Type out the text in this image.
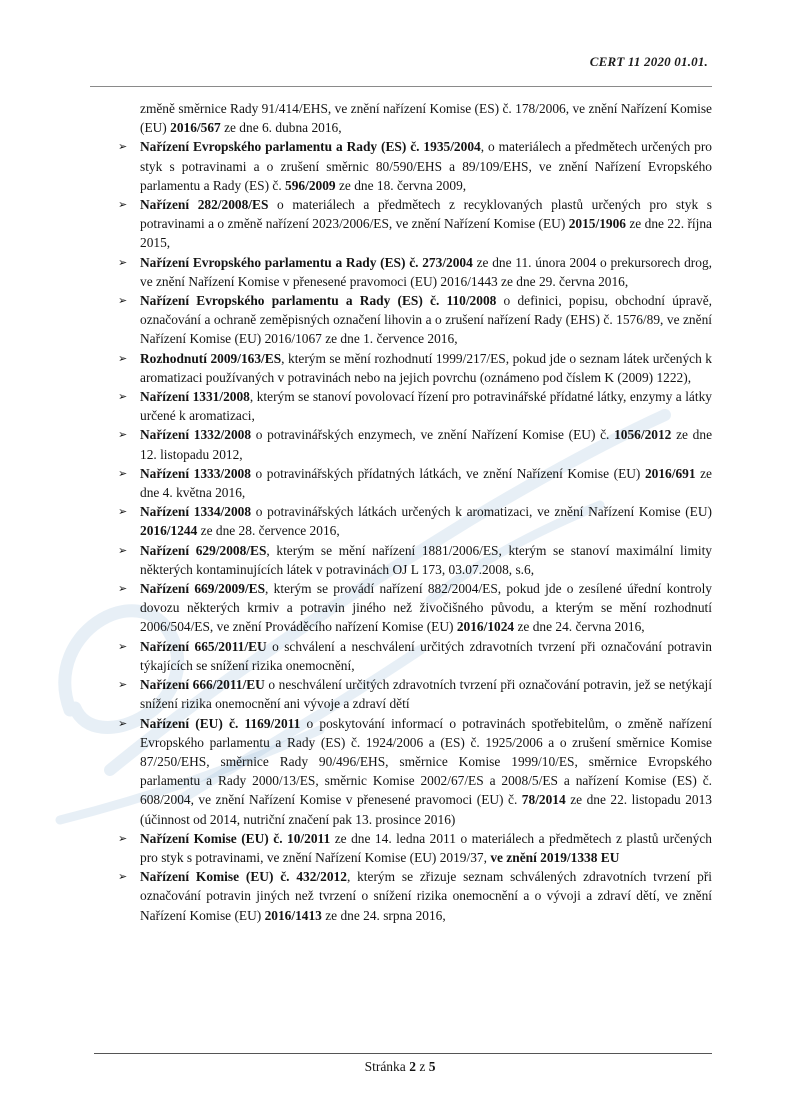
CERT 11 2020 01.01.
změně směrnice Rady 91/414/EHS, ve znění nařízení Komise (ES) č. 178/2006, ve znění Nařízení Komise (EU) 2016/567 ze dne 6. dubna 2016,
➢ Nařízení Evropského parlamentu a Rady (ES) č. 1935/2004, o materiálech a předmětech určených pro styk s potravinami a o zrušení směrnic 80/590/EHS a 89/109/EHS, ve znění Nařízení Evropského parlamentu a Rady (ES) č. 596/2009 ze dne 18. června 2009,
➢ Nařízení 282/2008/ES o materiálech a předmětech z recyklovaných plastů určených pro styk s potravinami a o změně nařízení 2023/2006/ES, ve znění Nařízení Komise (EU) 2015/1906 ze dne 22. října 2015,
➢ Nařízení Evropského parlamentu a Rady (ES) č. 273/2004 ze dne 11. února 2004 o prekursorech drog, ve znění Nařízení Komise v přenesené pravomoci (EU) 2016/1443 ze dne 29. června 2016,
➢ Nařízení Evropského parlamentu a Rady (ES) č. 110/2008 o definici, popisu, obchodní úpravě, označování a ochraně zeměpisných označení lihovin a o zrušení nařízení Rady (EHS) č. 1576/89, ve znění Nařízení Komise (EU) 2016/1067 ze dne 1. července 2016,
➢ Rozhodnutí 2009/163/ES, kterým se mění rozhodnutí 1999/217/ES, pokud jde o seznam látek určených k aromatizaci používaných v potravinách nebo na jejich povrchu (oznámeno pod číslem K (2009) 1222),
➢ Nařízení 1331/2008, kterým se stanoví povolovací řízení pro potravinářské přídatné látky, enzymy a látky určené k aromatizaci,
➢ Nařízení 1332/2008 o potravinářských enzymech, ve znění Nařízení Komise (EU) č. 1056/2012 ze dne 12. listopadu 2012,
➢ Nařízení 1333/2008 o potravinářských přídatných látkách, ve znění Nařízení Komise (EU) 2016/691 ze dne 4. května 2016,
➢ Nařízení 1334/2008 o potravinářských látkách určených k aromatizaci, ve znění Nařízení Komise (EU) 2016/1244 ze dne 28. července 2016,
➢ Nařízení 629/2008/ES, kterým se mění nařízení 1881/2006/ES, kterým se stanoví maximální limity některých kontaminujících látek v potravinách OJ L 173, 03.07.2008, s.6,
➢ Nařízení 669/2009/ES, kterým se provádí nařízení 882/2004/ES, pokud jde o zesílené úřední kontroly dovozu některých krmiv a potravin jiného než živočišného původu, a kterým se mění rozhodnutí 2006/504/ES, ve znění Prováděcího nařízení Komise (EU) 2016/1024 ze dne 24. června 2016,
➢ Nařízení 665/2011/EU o schválení a neschválení určitých zdravotních tvrzení při označování potravin týkajících se snížení rizika onemocnění,
➢ Nařízení 666/2011/EU o neschválení určitých zdravotních tvrzení při označování potravin, jež se netýkají snížení rizika onemocnění ani vývoje a zdraví dětí
➢ Nařízení (EU) č. 1169/2011 o poskytování informací o potravinách spotřebitelům, o změně nařízení Evropského parlamentu a Rady (ES) č. 1924/2006 a (ES) č. 1925/2006 a o zrušení směrnice Komise 87/250/EHS, směrnice Rady 90/496/EHS, směrnice Komise 1999/10/ES, směrnice Evropského parlamentu a Rady 2000/13/ES, směrnic Komise 2002/67/ES a 2008/5/ES a nařízení Komise (ES) č. 608/2004, ve znění Nařízení Komise v přenesené pravomoci (EU) č. 78/2014 ze dne 22. listopadu 2013 (účinnost od 2014, nutriční značení pak 13. prosince 2016)
➢ Nařízení Komise (EU) č. 10/2011 ze dne 14. ledna 2011 o materiálech a předmětech z plastů určených pro styk s potravinami, ve znění Nařízení Komise (EU) 2019/37, ve znění 2019/1338 EU
➢ Nařízení Komise (EU) č. 432/2012, kterým se zřizuje seznam schválených zdravotních tvrzení při označování potravin jiných než tvrzení o snížení rizika onemocnění a o vývoji a zdraví dětí, ve znění Nařízení Komise (EU) 2016/1413 ze dne 24. srpna 2016,
Stránka 2 z 5
